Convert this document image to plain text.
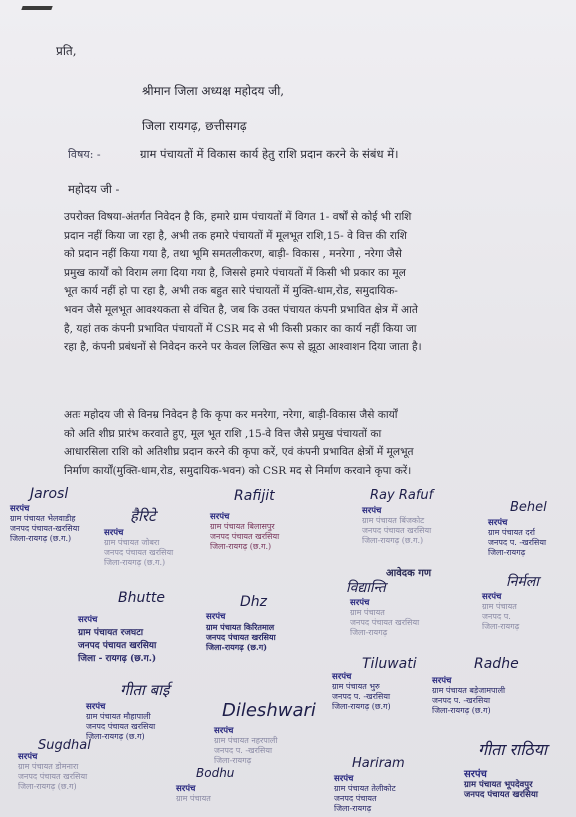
प्रति,
श्रीमान जिला अध्यक्ष महोदय जी,
जिला रायगढ़, छत्तीसगढ़
विषय: -	ग्राम पंचायतों में विकास कार्य हेतु राशि प्रदान करने के संबंध में।
महोदय जी -
उपरोक्त विषया-अंतर्गत निवेदन है कि, हमारे ग्राम पंचायतों में विगत 1- वर्षों से कोई भी राशि
प्रदान नहीं किया जा रहा है, अभी तक हमारे पंचायतों में मूलभूत राशि,15- वे वित्त की राशि
को प्रदान नहीं किया गया है, तथा भूमि समतलीकरण, बाड़ी- विकास , मनरेगा , नरेगा जैसे
प्रमुख कार्यों को विराम लगा दिया गया है, जिससे हमारे पंचायतों में किसी भी प्रकार का मूल
भूत कार्य नहीं हो पा रहा है, अभी तक बहुत सारे पंचायतों में मुक्ति-धाम,रोड, समुदायिक-
भवन जैसे मूलभूत आवश्यकता से वंचित है, जब कि उक्त पंचायत कंपनी प्रभावित क्षेत्र में आते
है, यहां तक कंपनी प्रभावित पंचायतों में CSR मद से भी किसी प्रकार का कार्य नहीं किया जा
रहा है, कंपनी प्रबंधनों से निवेदन करने पर केवल लिखित रूप से झूठा आश्वाशन दिया जाता है।
अतः महोदय जी से विनम्र निवेदन है कि कृपा कर मनरेगा, नरेगा, बाड़ी-विकास जैसे कार्यों
को अति शीघ्र प्रारंभ करवाते हुए, मूल भूत राशि ,15-वे वित्त जैसे प्रमुख पंचायतों का
आधारसिला राशि को अतिशीघ्र प्रदान करने की कृपा करें, एवं कंपनी प्रभावित क्षेत्रों में मूलभूत
निर्माण कार्यों(मुक्ति-धाम,रोड, समुदायिक-भवन) को CSR मद से निर्माण करवाने कृपा करें।
Jarosl
सरपंच
ग्राम पंचायत भेलवाडीह
जनपद पंचायत-खरसिया
जिला-रायगढ़ (छ.ग.)
हैरिटे
सरपंच
ग्राम पंचायत जोबरा
जनपद पंचायत खरसिया
जिला-रायगढ़ (छ.ग.)
Rafijit
सरपंच
ग्राम पंचायत बिलासपुर
जनपद पंचायत खरसिया
जिला-रायगढ़ (छ.ग.)
Ray Rafuf
सरपंच
ग्राम पंचायत बिंजकोट
जनपद पंचायत खरसिया
जिला-रायगढ़ (छ.ग.)
Behel
सरपंच
ग्राम पंचायत दर्रा
जनपद प. -खरसिया
जिला-रायगढ़
आवेदक गण
Bhutte
सरपंच
ग्राम पंचायत रजघटा
जनपद पंचायत खरसिया
जिला - रायगढ़ (छ.ग.)
Dhz
सरपंच
ग्राम पंचायत किरितमाल
जनपद पंचायत खरसिया
जिला-रायगढ़ (छ.ग)
विद्यान्ति
सरपंच
ग्राम पंचायत
जनपद पंचायत खरसिया
जिला-रायगढ़
निर्मला
सरपंच
ग्राम पंचायत
जनपद प.
जिला-रायगढ़
गीता बाई
सरपंच
ग्राम पंचायत मौहापाली
जनपद पंचायत खरसिया
जिला-रायगढ़ (छ.ग)
Dileshwari
सरपंच
ग्राम पंचायत नहरपाली
जनपद प. -खरसिया
जिला-रायगढ़
Tiluwati
सरपंच
ग्राम पंचायत भुरु
जनपद प. -खरसिया
जिला-रायगढ़ (छ.ग)
Radhe
सरपंच
ग्राम पंचायत बड़ेजामपाली
जनपद प. -खरसिया
जिला-रायगढ़ (छ.ग)
Sugdhal
सरपंच
ग्राम पंचायत डोमनारा
जनपद पंचायत खरसिया
जिला-रायगढ़ (छ.ग)
Bodhu
सरपंच
ग्राम पंचायत
Hariram
सरपंच
ग्राम पंचायत तेलीकोट
जनपद पंचायत
जिला-रायगढ़
गीता राठिया
सरपंच
ग्राम पंचायत भूपदेवपुर
जनपद पंचायत खरसिया
